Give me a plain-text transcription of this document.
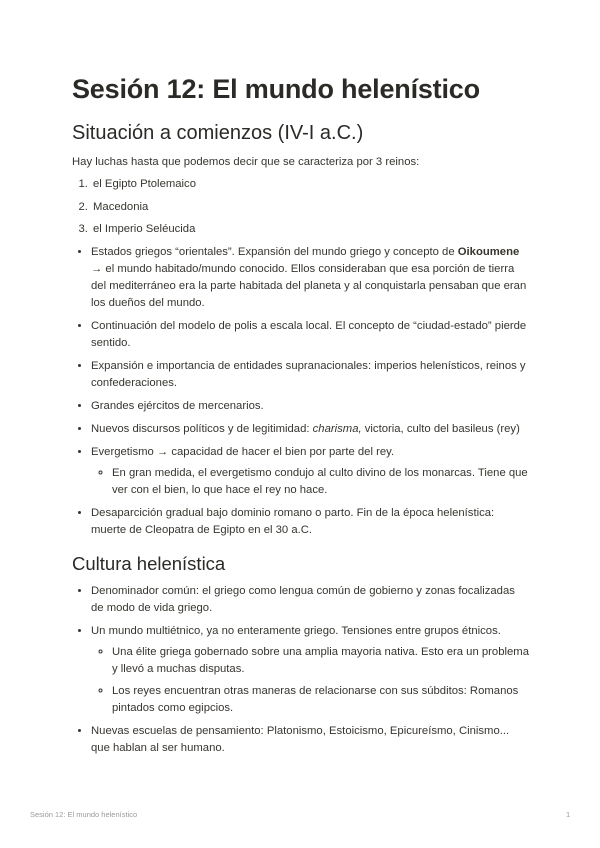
Sesión 12: El mundo helenístico
Situación a comienzos (IV-I a.C.)

Hay luchas hasta que podemos decir que se caracteriza por 3 reinos:

1. el Egipto Ptolemaico
2. Macedonia
3. el Imperio Seléucida
• Estados griegos “orientales”. Expansión del mundo griego y concepto de Oikoumene → el mundo habitado/mundo conocido. Ellos consideraban que esa porción de tierra del mediterráneo era la parte habitada del planeta y al conquistarla pensaban que eran los dueños del mundo.
• Continuación del modelo de polis a escala local. El concepto de “ciudad-estado” pierde sentido.
• Expansión e importancia de entidades supranacionales: imperios helenísticos, reinos y confederaciones.
• Grandes ejércitos de mercenarios.
• Nuevos discursos políticos y de legitimidad: charisma, victoria, culto del basileus (rey)
• Evergetismo → capacidad de hacer el bien por parte del rey.
◦ En gran medida, el evergetismo condujo al culto divino de los monarcas. Tiene que ver con el bien, lo que hace el rey no hace.
• Desaparcición gradual bajo dominio romano o parto. Fin de la época helenística: muerte de Cleopatra de Egipto en el 30 a.C.
Cultura helenística
• Denominador común: el griego como lengua común de gobierno y zonas focalizadas de modo de vida griego.
• Un mundo multiétnico, ya no enteramente griego. Tensiones entre grupos étnicos.
◦ Una élite griega gobernado sobre una amplia mayoria nativa. Esto era un problema y llevó a muchas disputas.
◦ Los reyes encuentran otras maneras de relacionarse con sus súbditos: Romanos pintados como egipcios.
• Nuevas escuelas de pensamiento: Platonismo, Estoicismo, Epicureísmo, Cinismo... que hablan al ser humano.
Sesión 12: El mundo helenístico	1
